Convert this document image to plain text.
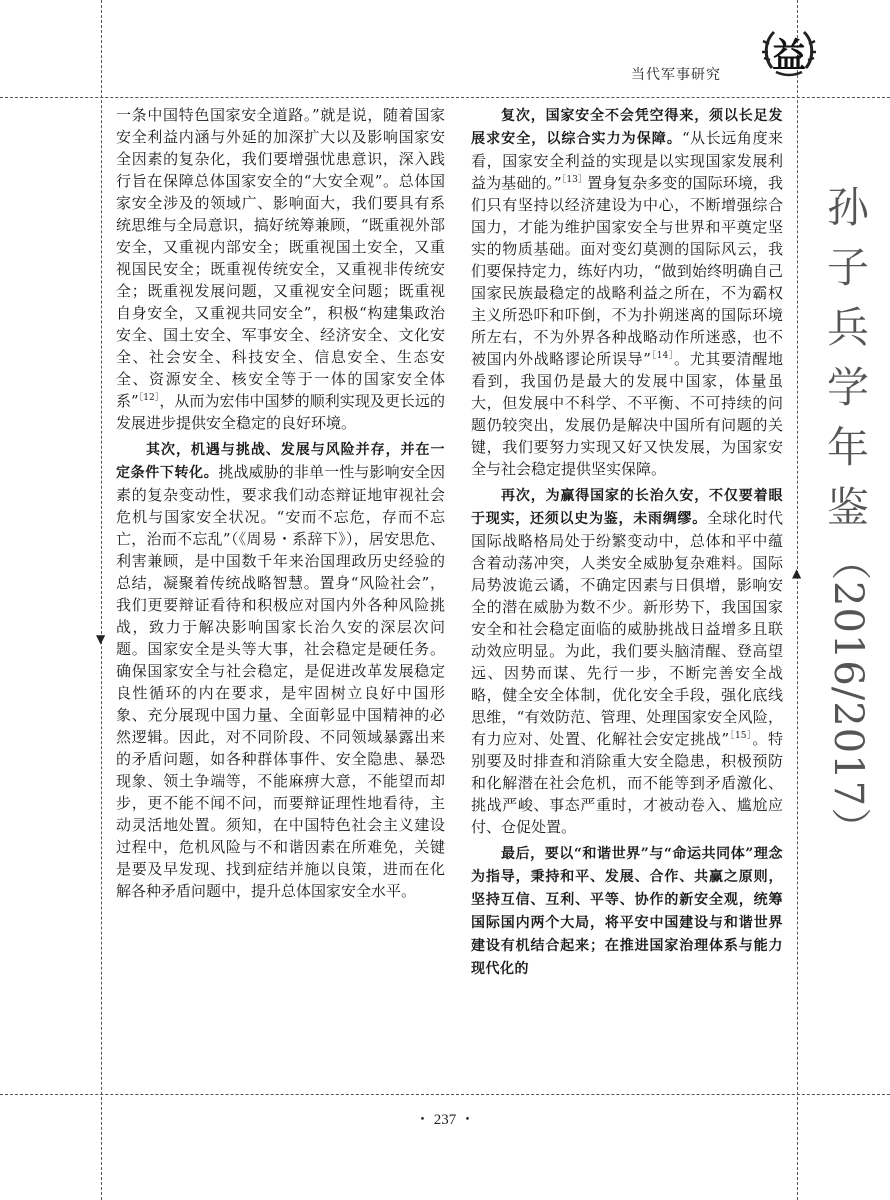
▼
▲
当代军事研究 益
孙
子
兵
学
年
鉴
（2016/2017）

一条中国特色国家安全道路。”就是说，随着国家安全利益内涵与外延的加深扩大以及影响国家安全因素的复杂化，我们要增强忧患意识，深入践行旨在保障总体国家安全的“大安全观”。总体国家安全涉及的领域广、影响面大，我们要具有系统思维与全局意识，搞好统筹兼顾，“既重视外部安全，又重视内部安全；既重视国土安全，又重视国民安全；既重视传统安全，又重视非传统安全；既重视发展问题，又重视安全问题；既重视自身安全，又重视共同安全”，积极“构建集政治安全、国土安全、军事安全、经济安全、文化安全、社会安全、科技安全、信息安全、生态安全、资源安全、核安全等于一体的国家安全体系”$^{[12]}$，从而为宏伟中国梦的顺利实现及更长远的发展进步提供安全稳定的良好环境。

其次，机遇与挑战、发展与风险并存，并在一定条件下转化。挑战威胁的非单一性与影响安全因素的复杂变动性，要求我们动态辩证地审视社会危机与国家安全状况。“安而不忘危，存而不忘亡，治而不忘乱”（《周易・系辞下》），居安思危、利害兼顾，是中国数千年来治国理政历史经验的总结，凝聚着传统战略智慧。置身“风险社会”，我们更要辩证看待和积极应对国内外各种风险挑战，致力于解决影响国家长治久安的深层次问题。国家安全是头等大事，社会稳定是硬任务。确保国家安全与社会稳定，是促进改革发展稳定良性循环的内在要求，是牢固树立良好中国形象、充分展现中国力量、全面彰显中国精神的必然逻辑。因此，对不同阶段、不同领域暴露出来的矛盾问题，如各种群体事件、安全隐患、暴恐现象、领土争端等，不能麻痹大意，不能望而却步，更不能不闻不问，而要辩证理性地看待，主动灵活地处置。须知，在中国特色社会主义建设过程中，危机风险与不和谐因素在所难免，关键是要及早发现、找到症结并施以良策，进而在化解各种矛盾问题中，提升总体国家安全水平。

复次，国家安全不会凭空得来，须以长足发展求安全，以综合实力为保障。“从长远角度来看，国家安全利益的实现是以实现国家发展利益为基础的。”$^{[13]}$置身复杂多变的国际环境，我们只有坚持以经济建设为中心，不断增强综合国力，才能为维护国家安全与世界和平奠定坚实的物质基础。面对变幻莫测的国际风云，我们要保持定力，练好内功，“做到始终明确自己国家民族最稳定的战略利益之所在，不为霸权主义所恐吓和吓倒，不为扑朔迷离的国际环境所左右，不为外界各种战略动作所迷惑，也不被国内外战略谬论所误导”$^{[14]}$。尤其要清醒地看到，我国仍是最大的发展中国家，体量虽大，但发展中不科学、不平衡、不可持续的问题仍较突出，发展仍是解决中国所有问题的关键，我们要努力实现又好又快发展，为国家安全与社会稳定提供坚实保障。

再次，为赢得国家的长治久安，不仅要着眼于现实，还须以史为鉴，未雨绸缪。全球化时代国际战略格局处于纷繁变动中，总体和平中蕴含着动荡冲突，人类安全威胁复杂难料。国际局势波诡云谲，不确定因素与日俱增，影响安全的潜在威胁为数不少。新形势下，我国国家安全和社会稳定面临的威胁挑战日益增多且联动效应明显。为此，我们要头脑清醒、登高望远、因势而谋、先行一步，不断完善安全战略，健全安全体制，优化安全手段，强化底线思维，“有效防范、管理、处理国家安全风险，有力应对、处置、化解社会安定挑战”$^{[15]}$。特别要及时排查和消除重大安全隐患，积极预防和化解潜在社会危机，而不能等到矛盾激化、挑战严峻、事态严重时，才被动卷入、尴尬应付、仓促处置。

最后，要以“和谐世界”与“命运共同体”理念为指导，秉持和平、发展、合作、共赢之原则，坚持互信、互利、平等、协作的新安全观，统筹国际国内两个大局，将平安中国建设与和谐世界建设有机结合起来；在推进国家治理体系与能力现代化的

・ 237 ・
